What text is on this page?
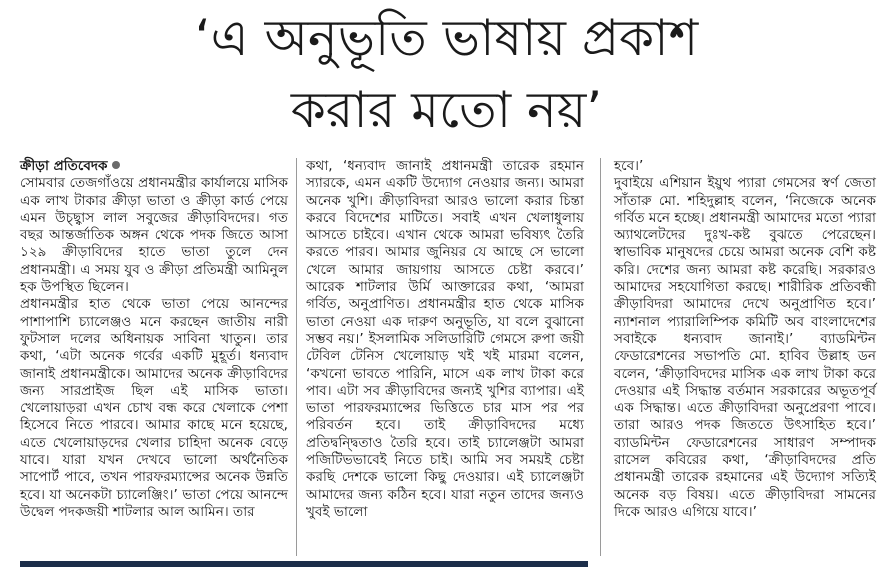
‘এ অনুভূতি ভাষায় প্রকাশ
করার মতো নয়’

ক্রীড়া প্রতিবেদক

সোমবার তেজগাঁওয়ে প্রধানমন্ত্রীর কার্যালয়ে মাসিক এক লাখ টাকার ক্রীড়া ভাতা ও ক্রীড়া কার্ড পেয়ে এমন উচ্ছ্বাস লাল সবুজের ক্রীড়াবিদদের। গত বছর আন্তর্জাতিক অঙ্গন থেকে পদক জিতে আসা ১২৯ ক্রীড়াবিদের হাতে ভাতা তুলে দেন প্রধানমন্ত্রী। এ সময় যুব ও ক্রীড়া প্রতিমন্ত্রী আমিনুল হক উপস্থিত ছিলেন।

প্রধানমন্ত্রীর হাত থেকে ভাতা পেয়ে আনন্দের পাশাপাশি চ্যালেঞ্জও মনে করছেন জাতীয় নারী ফুটসাল দলের অধিনায়ক সাবিনা খাতুন। তার কথা, ‘এটা অনেক গর্বের একটি মুহূর্ত। ধন্যবাদ জানাই প্রধানমন্ত্রীকে। আমাদের অনেক ক্রীড়াবিদের জন্য সারপ্রাইজ ছিল এই মাসিক ভাতা। খেলোয়াড়রা এখন চোখ বন্ধ করে খেলাকে পেশা হিসেবে নিতে পারবে। আমার কাছে মনে হয়েছে, এতে খেলোয়াড়দের খেলার চাহিদা অনেক বেড়ে যাবে। যারা যখন দেখবে ভালো অর্থনৈতিক সাপোর্ট পাবে, তখন পারফরম্যান্সের অনেক উন্নতি হবে। যা অনেকটা চ্যালেঞ্জিং।’ ভাতা পেয়ে আনন্দে উদ্বেল পদকজয়ী শাটলার আল আমিন। তার

কথা, ‘ধন্যবাদ জানাই প্রধানমন্ত্রী তারেক রহমান স্যারকে, এমন একটি উদ্যোগ নেওয়ার জন্য। আমরা অনেক খুশি। ক্রীড়াবিদরা আরও ভালো করার চিন্তা করবে বিদেশের মাটিতে। সবাই এখন খেলাধুলায় আসতে চাইবে। এখান থেকে আমরা ভবিষ্যৎ তৈরি করতে পারব। আমার জুনিয়র যে আছে সে ভালো খেলে আমার জায়গায় আসতে চেষ্টা করবে।’ আরেক শাটলার উর্মি আক্তারের কথা, ‘আমরা গর্বিত, অনুপ্রাণিত। প্রধানমন্ত্রীর হাত থেকে মাসিক ভাতা নেওয়া এক দারুণ অনুভূতি, যা বলে বুঝানো সম্ভব নয়।’ ইসলামিক সলিডারিটি গেমসে রুপা জয়ী টেবিল টেনিস খেলোয়াড় খই খই মারমা বলেন, ‘কখনো ভাবতে পারিনি, মাসে এক লাখ টাকা করে পাব। এটা সব ক্রীড়াবিদের জন্যই খুশির ব্যাপার। এই ভাতা পারফরম্যান্সের ভিত্তিতে চার মাস পর পর পরিবর্তন হবে। তাই ক্রীড়াবিদদের মধ্যে প্রতিদ্বন্দ্বিতাও তৈরি হবে। তাই চ্যালেঞ্জটা আমরা পজিটিভভাবেই নিতে চাই। আমি সব সময়ই চেষ্টা করছি দেশকে ভালো কিছু দেওয়ার। এই চ্যালেঞ্জটা আমাদের জন্য কঠিন হবে। যারা নতুন তাদের জন্যও খুবই ভালো

হবে।’

দুবাইয়ে এশিয়ান ইয়ুথ প্যারা গেমসের স্বর্ণ জেতা সাঁতারু মো. শহিদুল্লাহ বলেন, ‘নিজেকে অনেক গর্বিত মনে হচ্ছে। প্রধানমন্ত্রী আমাদের মতো প্যারা অ্যাথলেটদের দুঃখ-কষ্ট বুঝতে পেরেছেন। স্বাভাবিক মানুষদের চেয়ে আমরা অনেক বেশি কষ্ট করি। দেশের জন্য আমরা কষ্ট করেছি। সরকারও আমাদের সহযোগিতা করছে। শারীরিক প্রতিবন্ধী ক্রীড়াবিদরা আমাদের দেখে অনুপ্রাণিত হবে।’ ন্যাশনাল প্যারালিম্পিক কমিটি অব বাংলাদেশের সবাইকে ধন্যবাদ জানাই।’ ব্যাডমিন্টন ফেডারেশনের সভাপতি মো. হাবিব উল্লাহ ডন বলেন, ‘ক্রীড়াবিদদের মাসিক এক লাখ টাকা করে দেওয়ার এই সিদ্ধান্ত বর্তমান সরকারের অভূতপূর্ব এক সিদ্ধান্ত। এতে ক্রীড়াবিদরা অনুপ্রেরণা পাবে। তারা আরও পদক জিততে উৎসাহিত হবে।’ ব্যাডমিন্টন ফেডারেশনের সাধারণ সম্পাদক রাসেল কবিরের কথা, ‘ক্রীড়াবিদদের প্রতি প্রধানমন্ত্রী তারেক রহমানের এই উদ্যোগ সত্যিই অনেক বড় বিষয়। এতে ক্রীড়াবিদরা সামনের দিকে আরও এগিয়ে যাবে।’
